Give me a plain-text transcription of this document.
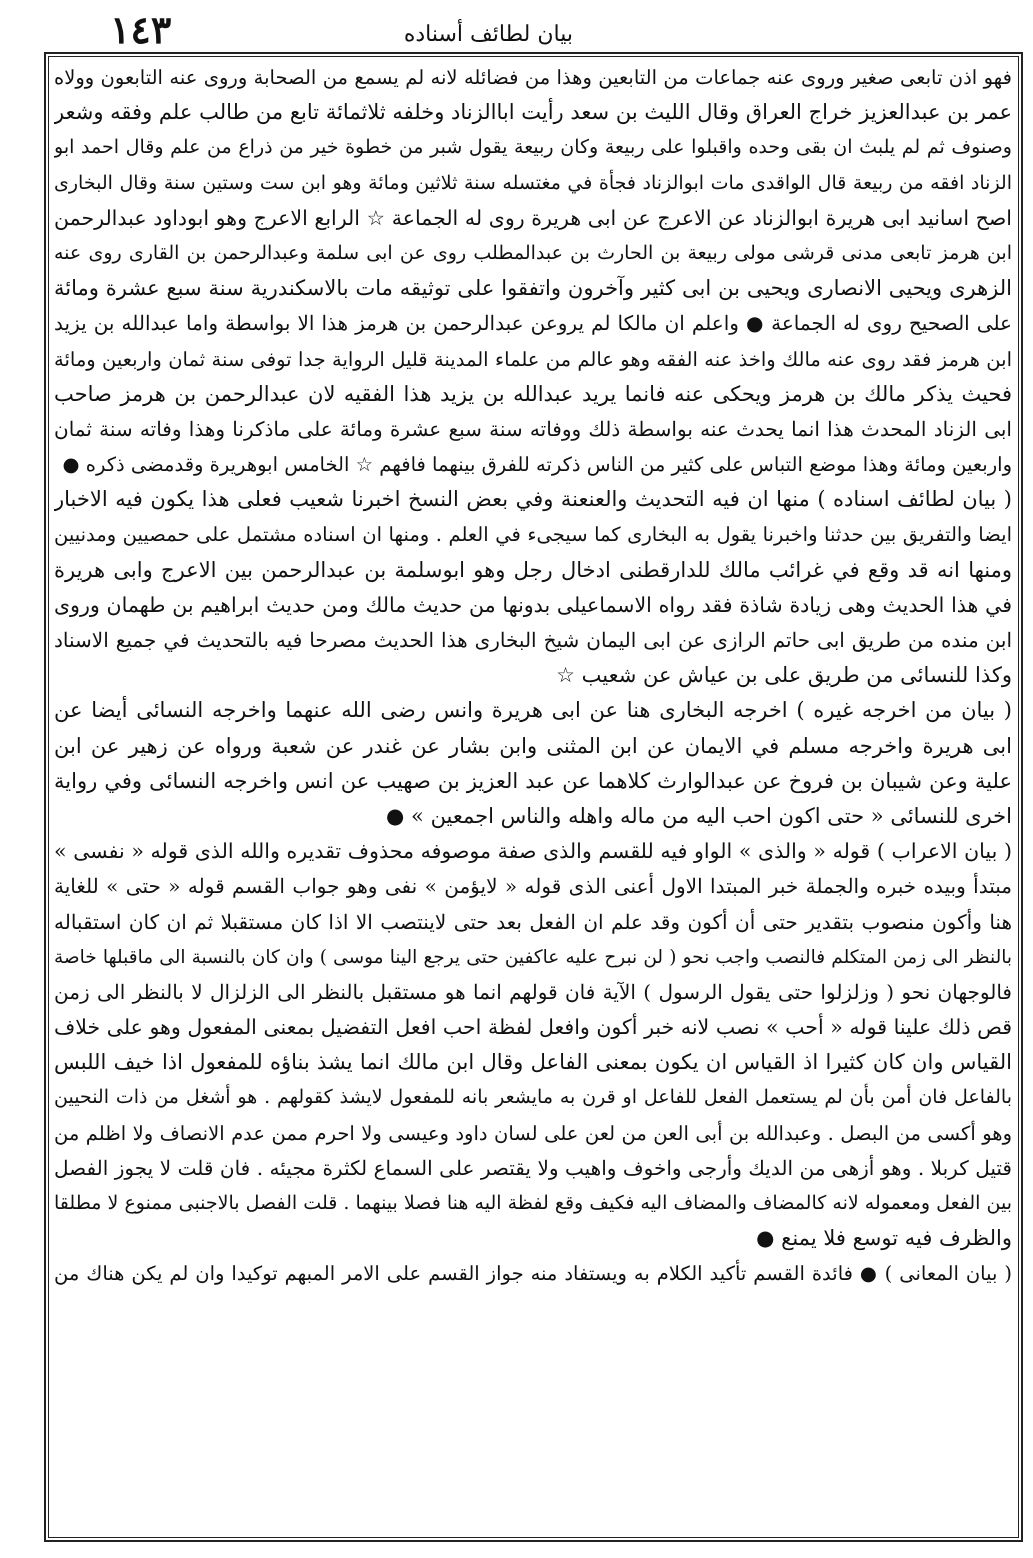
١٤٣	بيان لطائف أسناده
فهو اذن تابعى صغير وروى عنه جماعات من التابعين وهذا من فضائله لانه لم يسمع من الصحابة وروى عنه التابعون وولاه
عمر بن عبدالعزيز خراج العراق وقال الليث بن سعد رأيت اباالزناد وخلفه ثلاثمائة تابع من طالب علم وفقه وشعر
وصنوف ثم لم يلبث ان بقى وحده واقبلوا على ربيعة وكان ربيعة يقول شبر من خطوة خير من ذراع من علم وقال احمد ابو
الزناد افقه من ربيعة قال الواقدى مات ابوالزناد فجأة في مغتسله سنة ثلاثين ومائة وهو ابن ست وستين سنة وقال البخارى
اصح اسانيد ابى هريرة ابوالزناد عن الاعرج عن ابى هريرة روى له الجماعة ☆ الرابع الاعرج وهو ابوداود عبدالرحمن
ابن هرمز تابعى مدنى قرشى مولى ربيعة بن الحارث بن عبدالمطلب روى عن ابى سلمة وعبدالرحمن بن القارى روى عنه
الزهرى ويحيى الانصارى ويحيى بن ابى كثير وآخرون واتفقوا على توثيقه مات بالاسكندرية سنة سبع عشرة ومائة
على الصحيح روى له الجماعة ● واعلم ان مالكا لم يروعن عبدالرحمن بن هرمز هذا الا بواسطة واما عبدالله بن يزيد
ابن هرمز فقد روى عنه مالك واخذ عنه الفقه وهو عالم من علماء المدينة قليل الرواية جدا توفى سنة ثمان واربعين ومائة
فحيث يذكر مالك بن هرمز ويحكى عنه فانما يريد عبدالله بن يزيد هذا الفقيه لان عبدالرحمن بن هرمز صاحب
ابى الزناد المحدث هذا انما يحدث عنه بواسطة ذلك ووفاته سنة سبع عشرة ومائة على ماذكرنا وهذا وفاته سنة ثمان
واربعين ومائة وهذا موضع التباس على كثير من الناس ذكرته للفرق بينهما فافهم ☆ الخامس ابوهريرة وقدمضى ذكره ●
( بيان لطائف اسناده ) منها ان فيه التحديث والعنعنة وفي بعض النسخ اخبرنا شعيب فعلى هذا يكون فيه الاخبار
ايضا والتفريق بين حدثنا واخبرنا يقول به البخارى كما سيجىء في العلم . ومنها ان اسناده مشتمل على حمصيين ومدنيين
ومنها انه قد وقع في غرائب مالك للدارقطنى ادخال رجل وهو ابوسلمة بن عبدالرحمن بين الاعرج وابى هريرة
في هذا الحديث وهى زيادة شاذة فقد رواه الاسماعيلى بدونها من حديث مالك ومن حديث ابراهيم بن طهمان وروى
ابن منده من طريق ابى حاتم الرازى عن ابى اليمان شيخ البخارى هذا الحديث مصرحا فيه بالتحديث في جميع الاسناد
وكذا للنسائى من طريق على بن عياش عن شعيب ☆
( بيان من اخرجه غيره ) اخرجه البخارى هنا عن ابى هريرة وانس رضى الله عنهما واخرجه النسائى أيضا عن
ابى هريرة واخرجه مسلم في الايمان عن ابن المثنى وابن بشار عن غندر عن شعبة ورواه عن زهير عن ابن
علية وعن شيبان بن فروخ عن عبدالوارث كلاهما عن عبد العزيز بن صهيب عن انس واخرجه النسائى وفي رواية
اخرى للنسائى « حتى اكون احب اليه من ماله واهله والناس اجمعين » ●
( بيان الاعراب ) قوله « والذى » الواو فيه للقسم والذى صفة موصوفه محذوف تقديره والله الذى قوله « نفسى »
مبتدأ وبيده خبره والجملة خبر المبتدا الاول أعنى الذى قوله « لايؤمن » نفى وهو جواب القسم قوله « حتى » للغاية
هنا وأكون منصوب بتقدير حتى أن أكون وقد علم ان الفعل بعد حتى لاينتصب الا اذا كان مستقبلا ثم ان كان استقباله
بالنظر الى زمن المتكلم فالنصب واجب نحو ( لن نبرح عليه عاكفين حتى يرجع الينا موسى ) وان كان بالنسبة الى ماقبلها خاصة
فالوجهان نحو ( وزلزلوا حتى يقول الرسول ) الآية فان قولهم انما هو مستقبل بالنظر الى الزلزال لا بالنظر الى زمن
قص ذلك علينا قوله « أحب » نصب لانه خبر أكون وافعل لفظة احب افعل التفضيل بمعنى المفعول وهو على خلاف
القياس وان كان كثيرا اذ القياس ان يكون بمعنى الفاعل وقال ابن مالك انما يشذ بناؤه للمفعول اذا خيف اللبس
بالفاعل فان أمن بأن لم يستعمل الفعل للفاعل او قرن به مايشعر بانه للمفعول لايشذ كقولهم . هو أشغل من ذات النحيين
وهو أكسى من البصل . وعبدالله بن أبى العن من لعن على لسان داود وعيسى ولا احرم ممن عدم الانصاف ولا اظلم من
قتيل كربلا . وهو أزهى من الديك وأرجى واخوف واهيب ولا يقتصر على السماع لكثرة مجيئه . فان قلت لا يجوز الفصل
بين الفعل ومعموله لانه كالمضاف والمضاف اليه فكيف وقع لفظة اليه هنا فصلا بينهما . قلت الفصل بالاجنبى ممنوع لا مطلقا
والظرف فيه توسع فلا يمنع ●
( بيان المعانى ) ● فائدة القسم تأكيد الكلام به ويستفاد منه جواز القسم على الامر المبهم توكيدا وان لم يكن هناك من
